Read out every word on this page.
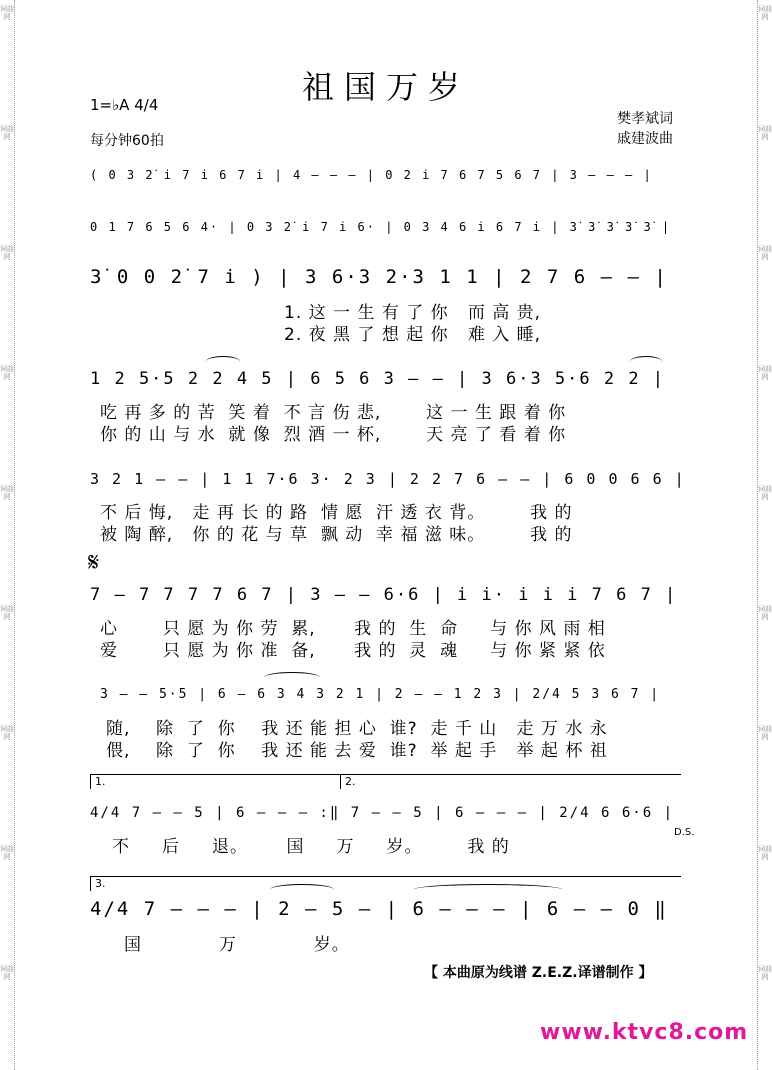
词曲网
词曲网
词曲网
词曲网
词曲网
词曲网
词曲网
词曲网
词曲网
词曲网
词曲网
词曲网
词曲网
词曲网
词曲网
词曲网
词曲网
词曲网
祖国万岁
1=♭A 4/4
每分钟60拍
樊孝斌词
戚建波曲
( 0 3 2̇ i 7 i 6 7 i | 4 – – – | 0 2 i 7 6 7 5 6 7 | 3 – – – |
0 1 7 6 5 6 4· | 0 3 2̇ i 7 i 6· | 0 3 4 6 i 6 7 i | 3̇ 3̇ 3̇ 3̇ 3̇ |
3̇ 0 0 2̇ 7 i ) | 3 6·3 2·3 1 1 | 2 7 6 – – |
1. 这 一 生 有 了 你   而 高 贵,
2. 夜 黑 了 想 起 你   难 入 睡,
1 2 5·5 2 2 4 5 | 6 5 6 3 – – | 3 6·3 5·6 2 2 |
吃 再 多 的 苦  笑 着  不 言 伤 悲,       这 一 生 跟 着 你
你 的 山 与 水  就 像  烈 酒 一 杯,       天 亮 了 看 着 你
3 2 1 – – | 1 1 7·6 3· 2 3 | 2 2 7 6 – – | 6 0 0 6 6 |
不 后 悔,   走 再 长 的 路  情 愿  汗 透 衣 背。       我 的
被 陶 醉,   你 的 花 与 草  飘 动  幸 福 滋 味。       我 的
𝄋
7 – 7 7 7 7 6 7 | 3 – – 6·6 | i i· i i i 7 6 7 |
心       只 愿 为 你 劳  累,      我 的  生  命     与 你 风 雨 相
爱       只 愿 为 你 准  备,      我 的  灵  魂     与 你 紧 紧 依
3 – – 5·5 | 6 – 6 3 4 3 2 1 | 2 – – 1 2 3 | 2/4 5 3 6 7 |
随,    除  了  你    我 还 能 担 心  谁?  走 千 山   走 万 水 永
偎,    除  了  你    我 还 能 去 爱  谁?  举 起 手   举 起 杯 祖
1.	2.
4/4 7 – – 5 | 6 – – – :‖ 7 – – 5 | 6 – – – | 2/4 6 6·6 |
不     后     退。      国     万     岁。       我 的
D.S.
3.
4/4 7 – – – | 2 – 5 – | 6 – – – | 6 – – 0 ‖
国            万            岁。
【 本曲原为线谱 Z.E.Z.译谱制作 】
www.ktvc8.com
